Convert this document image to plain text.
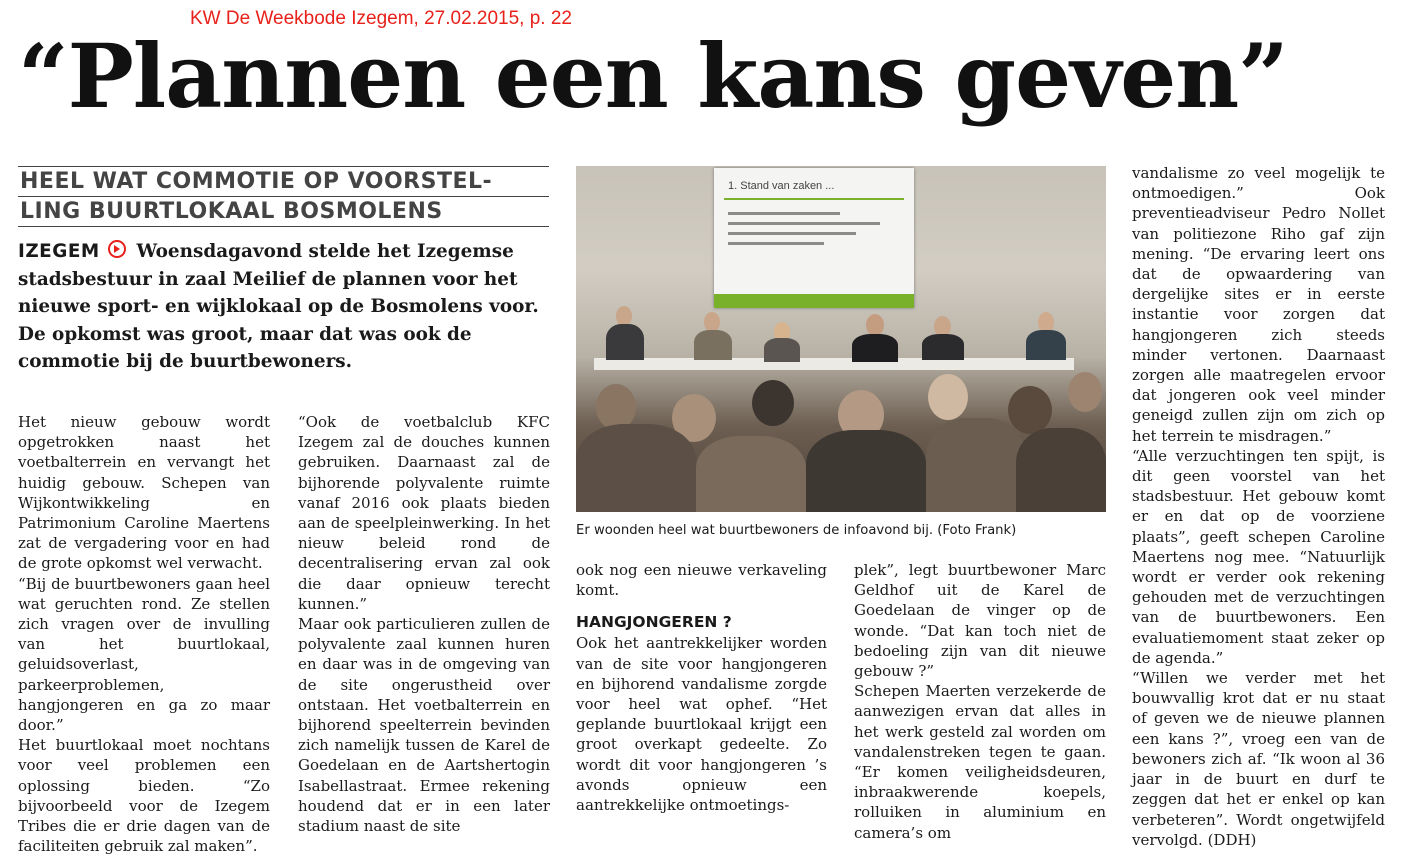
KW De Weekbode Izegem, 27.02.2015, p. 22
“Plannen een kans geven”
HEEL WAT COMMOTIE OP VOORSTEL-
LING BUURTLOKAAL BOSMOLENS
IZEGEM Woensdagavond stelde het Izegemse stadsbestuur in zaal Meilief de plannen voor het nieuwe sport- en wijklokaal op de Bosmolens voor. De opkomst was groot, maar dat was ook de commotie bij de buurtbewoners.

Het nieuw gebouw wordt opgetrokken naast het voetbalterrein en vervangt het huidig gebouw. Schepen van Wijkontwikkeling en Patrimonium Caroline Maertens zat de vergadering voor en had de grote opkomst wel verwacht.

“Bij de buurtbewoners gaan heel wat geruchten rond. Ze stellen zich vragen over de invulling van het buurtlokaal, geluidsoverlast, parkeerproblemen, hangjongeren en ga zo maar door.”

Het buurtlokaal moet nochtans voor veel problemen een oplossing bieden. “Zo bijvoorbeeld voor de Izegem Tribes die er drie dagen van de faciliteiten gebruik zal maken”.

“Ook de voetbalclub KFC Izegem zal de douches kunnen gebruiken. Daarnaast zal de bijhorende polyvalente ruimte vanaf 2016 ook plaats bieden aan de speelpleinwerking. In het nieuw beleid rond de decentralisering ervan zal ook die daar opnieuw terecht kunnen.”

Maar ook particulieren zullen de polyvalente zaal kunnen huren en daar was in de omgeving van de site ongerustheid over ontstaan. Het voetbalterrein en bijhorend speelterrein bevinden zich namelijk tussen de Karel de Goedelaan en de Aartshertogin Isabellastraat. Ermee rekening houdend dat er in een later stadium naast de site

1. Stand van zaken ...
Er woonden heel wat buurtbewoners de infoavond bij. (Foto Frank)

ook nog een nieuwe verkaveling komt.

HANGJONGEREN ?

Ook het aantrekkelijker worden van de site voor hangjongeren en bijhorend vandalisme zorgde voor heel wat ophef. “Het geplande buurtlokaal krijgt een groot overkapt gedeelte. Zo wordt dit voor hangjongeren ’s avonds opnieuw een aantrekkelijke ontmoetings-

plek”, legt buurtbewoner Marc Geldhof uit de Karel de Goedelaan de vinger op de wonde. “Dat kan toch niet de bedoeling zijn van dit nieuwe gebouw ?”

Schepen Maerten verzekerde de aanwezigen ervan dat alles in het werk gesteld zal worden om vandalenstreken tegen te gaan. “Er komen veiligheidsdeuren, inbraakwerende koepels, rolluiken in aluminium en camera’s om

vandalisme zo veel mogelijk te ontmoedigen.” Ook preventieadviseur Pedro Nollet van politiezone Riho gaf zijn mening. “De ervaring leert ons dat de opwaardering van dergelijke sites er in eerste instantie voor zorgen dat hangjongeren zich steeds minder vertonen. Daarnaast zorgen alle maatregelen ervoor dat jongeren ook veel minder geneigd zullen zijn om zich op het terrein te misdragen.”

“Alle verzuchtingen ten spijt, is dit geen voorstel van het stadsbestuur. Het gebouw komt er en dat op de voorziene plaats”, geeft schepen Caroline Maertens nog mee. “Natuurlijk wordt er verder ook rekening gehouden met de verzuchtingen van de buurtbewoners. Een evaluatiemoment staat zeker op de agenda.”

“Willen we verder met het bouwvallig krot dat er nu staat of geven we de nieuwe plannen een kans ?”, vroeg een van de bewoners zich af. “Ik woon al 36 jaar in de buurt en durf te zeggen dat het er enkel op kan verbeteren”. Wordt ongetwijfeld vervolgd. (DDH)
